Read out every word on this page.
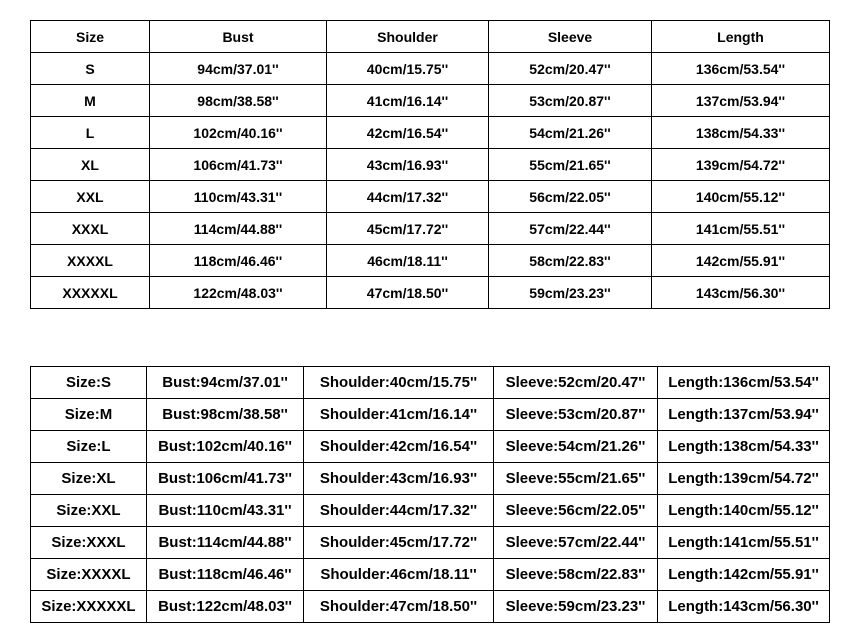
Size	Bust	Shoulder	Sleeve	Length
S	94cm/37.01''	40cm/15.75''	52cm/20.47''	136cm/53.54''
M	98cm/38.58''	41cm/16.14''	53cm/20.87''	137cm/53.94''
L	102cm/40.16''	42cm/16.54''	54cm/21.26''	138cm/54.33''
XL	106cm/41.73''	43cm/16.93''	55cm/21.65''	139cm/54.72''
XXL	110cm/43.31''	44cm/17.32''	56cm/22.05''	140cm/55.12''
XXXL	114cm/44.88''	45cm/17.72''	57cm/22.44''	141cm/55.51''
XXXXL	118cm/46.46''	46cm/18.11''	58cm/22.83''	142cm/55.91''
XXXXXL	122cm/48.03''	47cm/18.50''	59cm/23.23''	143cm/56.30''
Size:S	Bust:94cm/37.01''	Shoulder:40cm/15.75''	Sleeve:52cm/20.47''	Length:136cm/53.54''
Size:M	Bust:98cm/38.58''	Shoulder:41cm/16.14''	Sleeve:53cm/20.87''	Length:137cm/53.94''
Size:L	Bust:102cm/40.16''	Shoulder:42cm/16.54''	Sleeve:54cm/21.26''	Length:138cm/54.33''
Size:XL	Bust:106cm/41.73''	Shoulder:43cm/16.93''	Sleeve:55cm/21.65''	Length:139cm/54.72''
Size:XXL	Bust:110cm/43.31''	Shoulder:44cm/17.32''	Sleeve:56cm/22.05''	Length:140cm/55.12''
Size:XXXL	Bust:114cm/44.88''	Shoulder:45cm/17.72''	Sleeve:57cm/22.44''	Length:141cm/55.51''
Size:XXXXL	Bust:118cm/46.46''	Shoulder:46cm/18.11''	Sleeve:58cm/22.83''	Length:142cm/55.91''
Size:XXXXXL	Bust:122cm/48.03''	Shoulder:47cm/18.50''	Sleeve:59cm/23.23''	Length:143cm/56.30''
